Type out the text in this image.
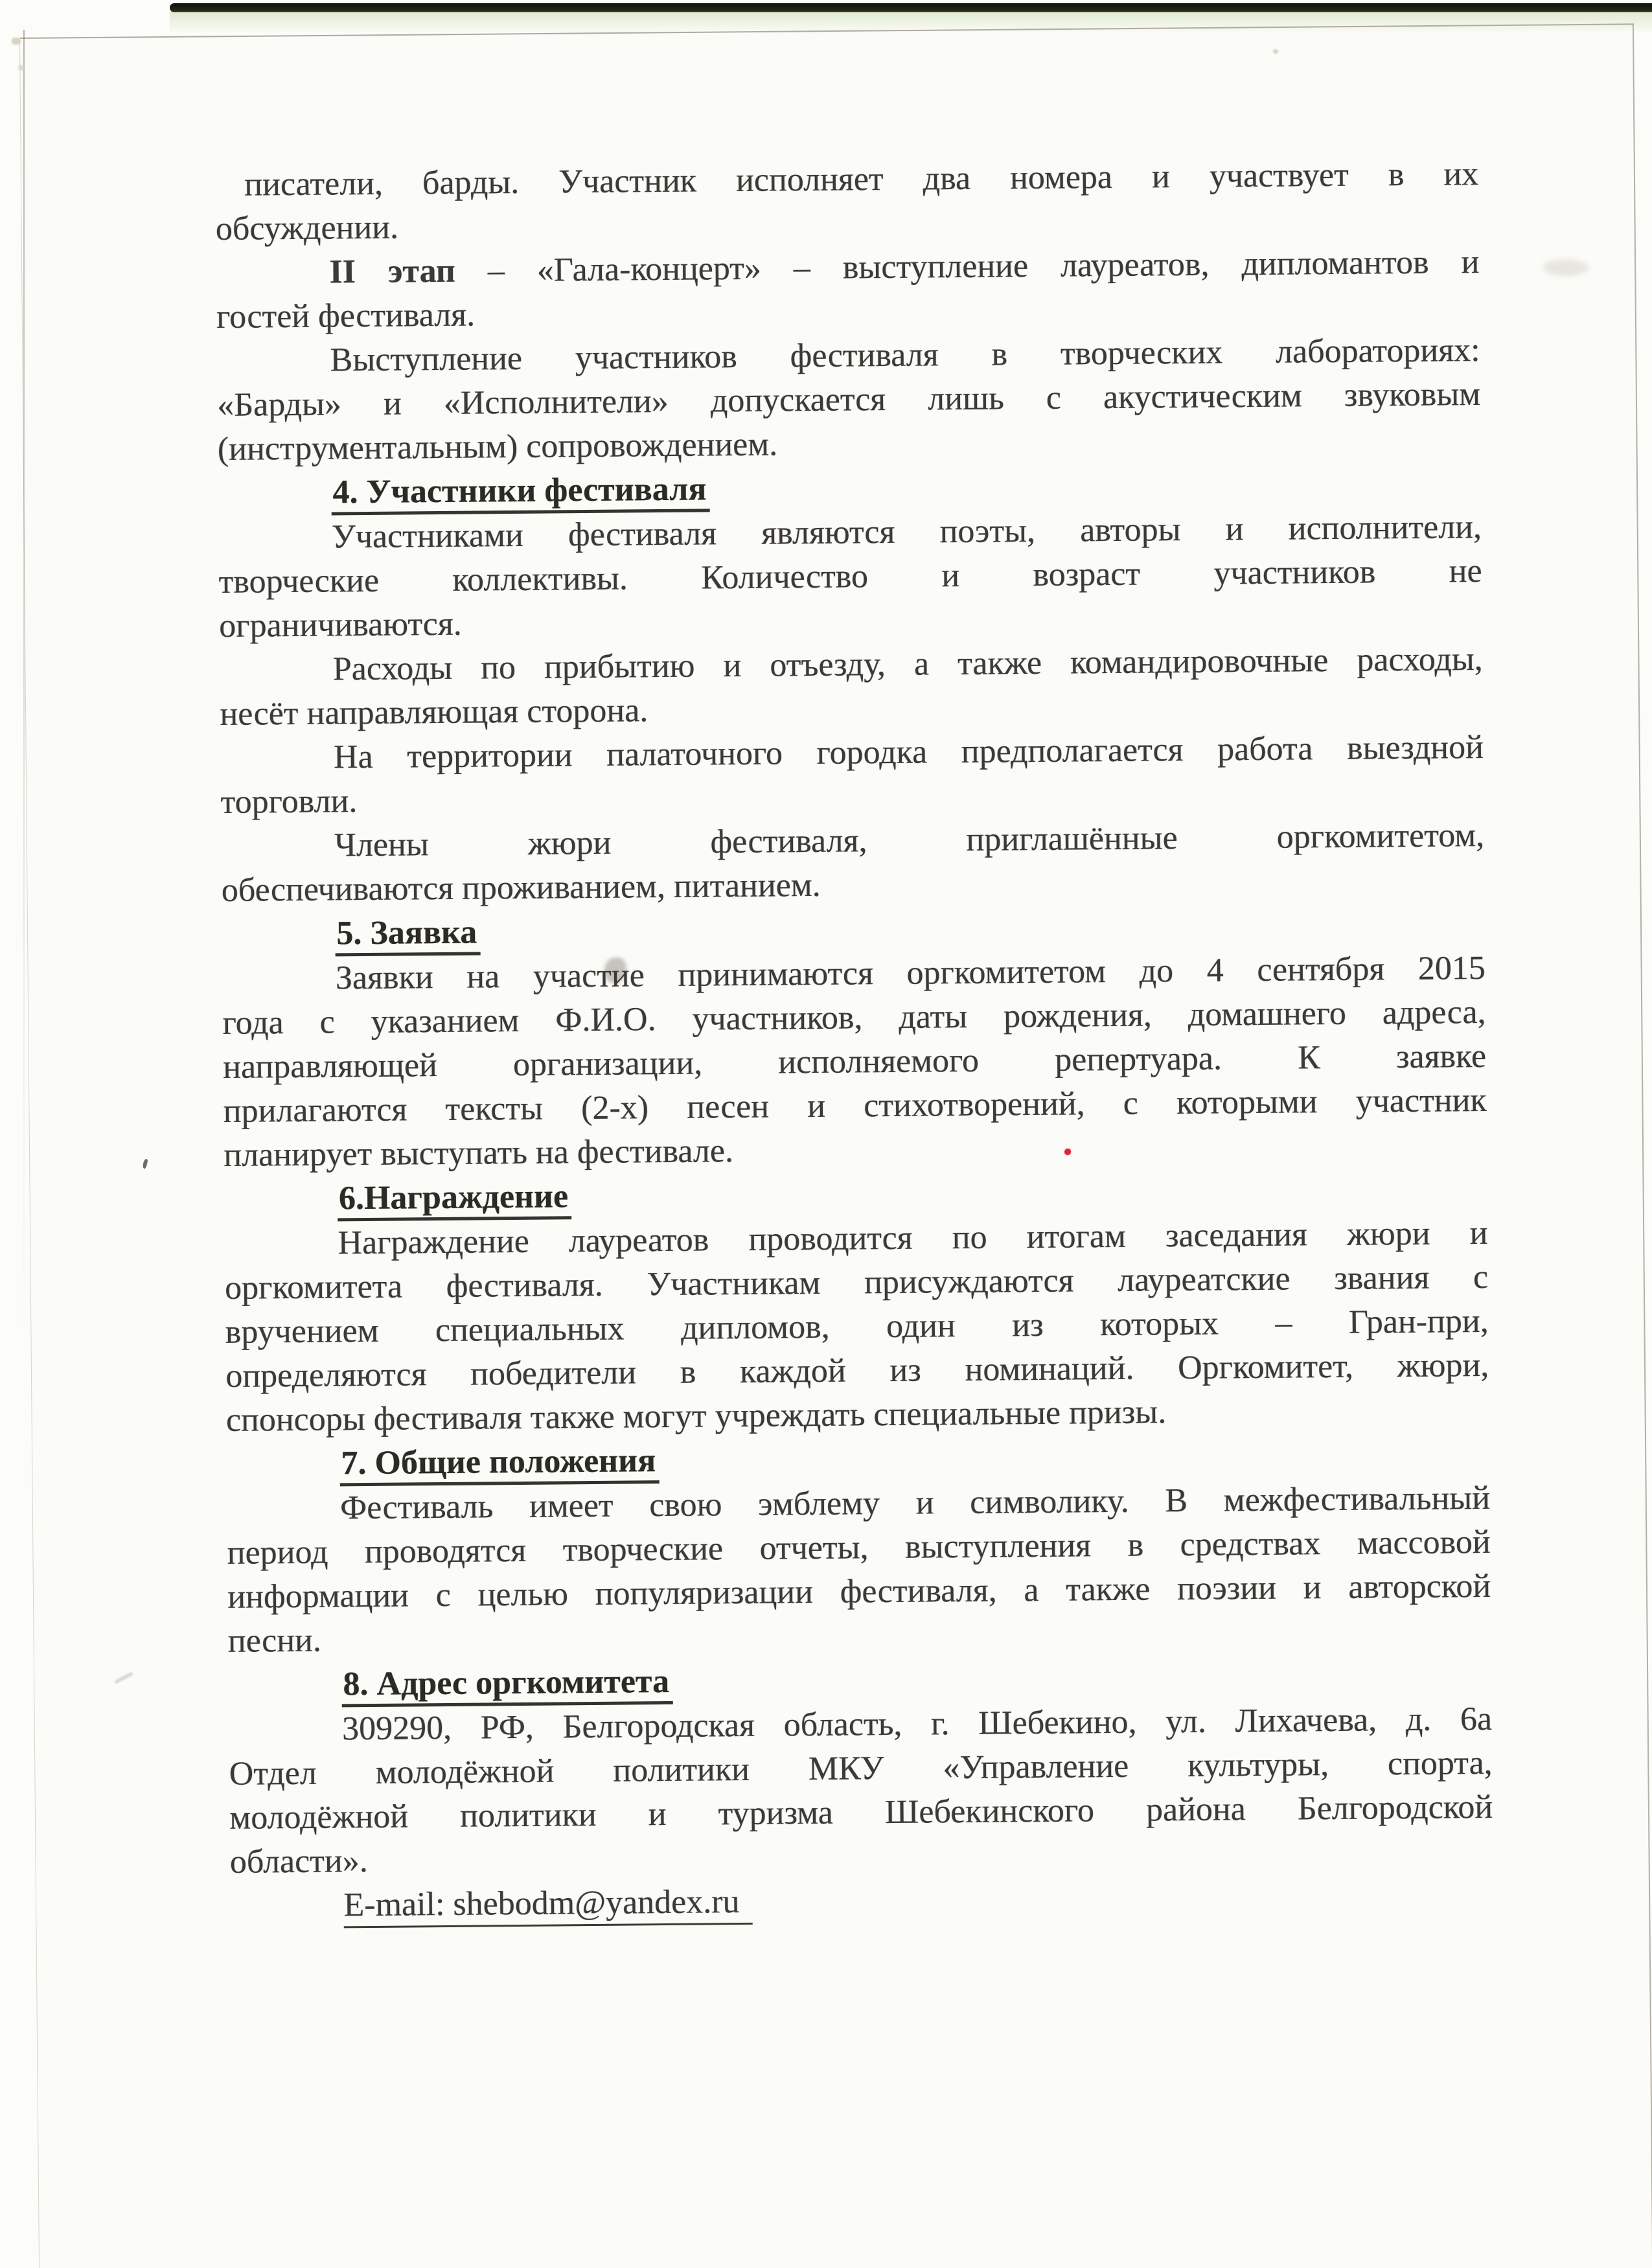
писатели, барды. Участник исполняет два номера и участвует в их
обсуждении.
II этап – «Гала-концерт» – выступление лауреатов, дипломантов и
гостей фестиваля.
Выступление участников фестиваля в творческих лабораториях:
«Барды» и «Исполнители» допускается лишь с акустическим звуковым
(инструментальным) сопровождением.
4. Участники фестиваля
Участниками фестиваля являются поэты, авторы и исполнители,
творческие коллективы. Количество и возраст участников не
ограничиваются.
Расходы по прибытию и отъезду, а также командировочные расходы,
несёт направляющая сторона.
На территории палаточного городка предполагается работа выездной
торговли.
Члены жюри фестиваля, приглашённые оргкомитетом,
обеспечиваются проживанием, питанием.
5. Заявка
Заявки на участие принимаются оргкомитетом до 4 сентября 2015
года с указанием Ф.И.О. участников, даты рождения, домашнего адреса,
направляющей организации, исполняемого репертуара. К заявке
прилагаются тексты (2-х) песен и стихотворений, с которыми участник
планирует выступать на фестивале.
6.Награждение
Награждение лауреатов проводится по итогам заседания жюри и
оргкомитета фестиваля. Участникам присуждаются лауреатские звания с
вручением специальных дипломов, один из которых – Гран-при,
определяются победители в каждой из номинаций. Оргкомитет, жюри,
спонсоры фестиваля также могут учреждать специальные призы.
7. Общие положения
Фестиваль имеет свою эмблему и символику. В межфестивальный
период проводятся творческие отчеты, выступления в средствах массовой
информации с целью популяризации фестиваля, а также поэзии и авторской
песни.
8. Адрес оргкомитета
309290, РФ, Белгородская область, г. Шебекино, ул. Лихачева, д. 6а
Отдел молодёжной политики МКУ «Управление культуры, спорта,
молодёжной политики и туризма Шебекинского района Белгородской
области».
E-mail: shebodm@yandex.ru
